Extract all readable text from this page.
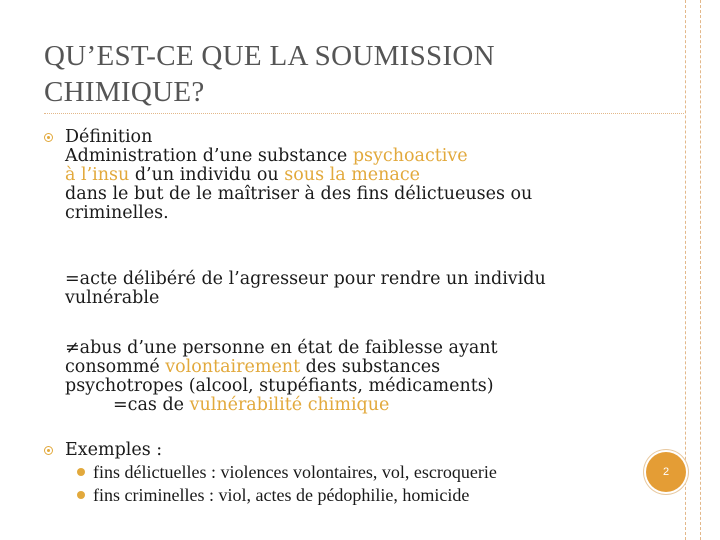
QU’EST-CE QUE LA SOUMISSION
CHIMIQUE?
Définition
Administration d’une substance psychoactive
à l’insu d’un individu ou sous la menace
dans le but de le maîtriser à des fins délictueuses ou
criminelles.
=acte délibéré de l’agresseur pour rendre un individu
vulnérable
≠abus d’une personne en état de faiblesse ayant
consommé volontairement des substances
psychotropes (alcool, stupéfiants, médicaments)
=cas de vulnérabilité chimique
Exemples :
fins délictuelles : violences volontaires, vol, escroquerie
fins criminelles : viol, actes de pédophilie, homicide
2
